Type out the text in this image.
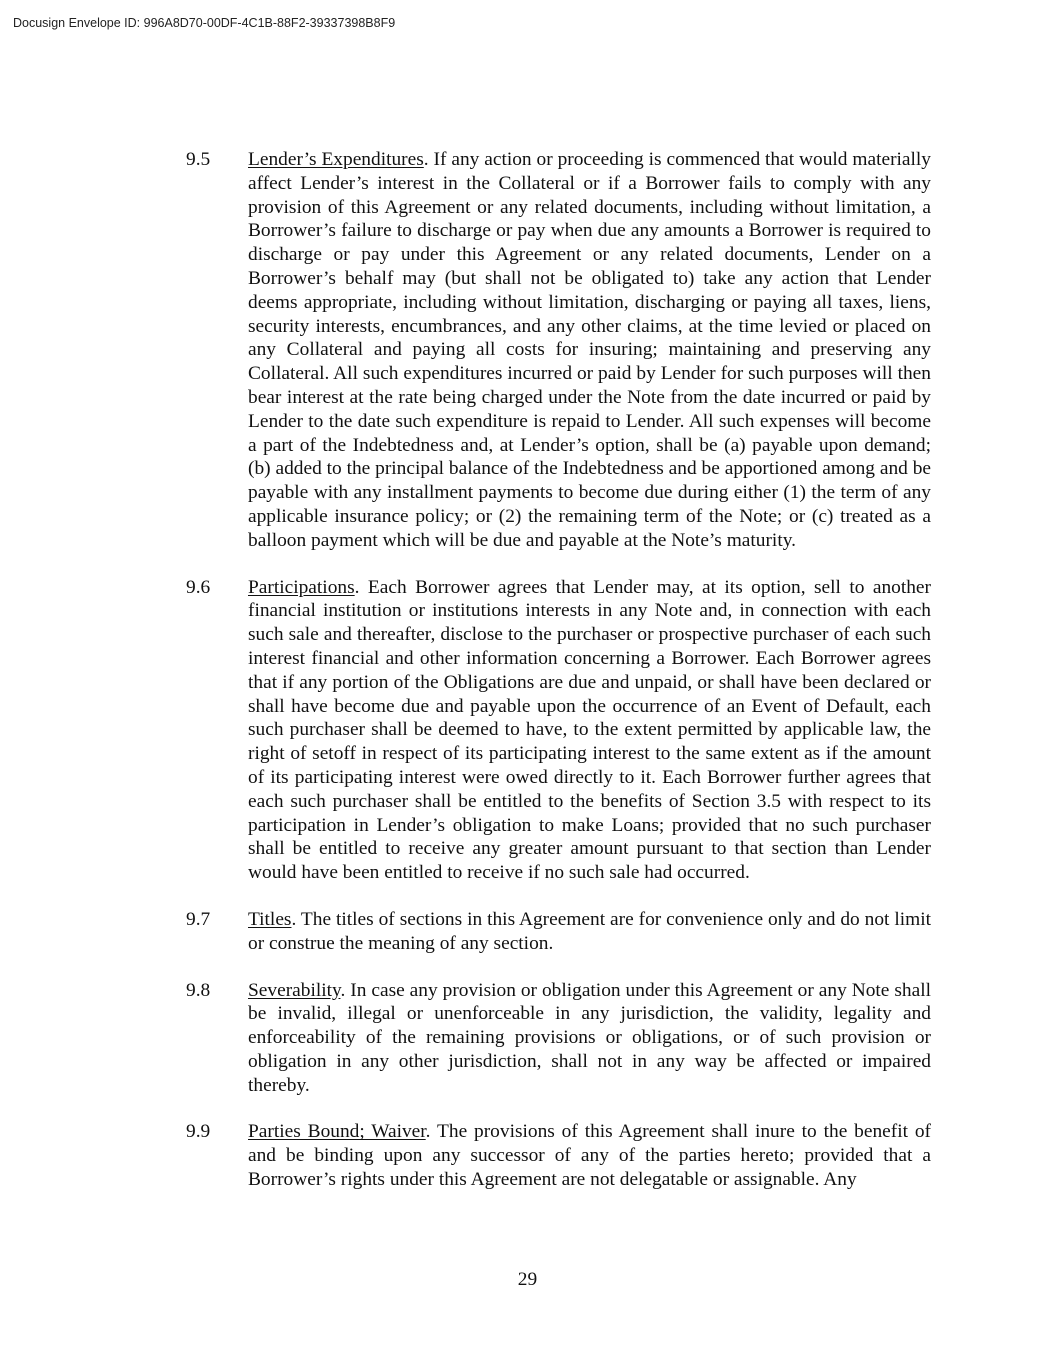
Docusign Envelope ID: 996A8D70-00DF-4C1B-88F2-39337398B8F9
9.5	Lender’s Expenditures. If any action or proceeding is commenced that would materially affect Lender’s interest in the Collateral or if a Borrower fails to comply with any provision of this Agreement or any related documents, including without limitation, a Borrower’s failure to discharge or pay when due any amounts a Borrower is required to discharge or pay under this Agreement or any related documents, Lender on a Borrower’s behalf may (but shall not be obligated to) take any action that Lender deems appropriate, including without limitation, discharging or paying all taxes, liens, security interests, encumbrances, and any other claims, at the time levied or placed on any Collateral and paying all costs for insuring; maintaining and preserving any Collateral. All such expenditures incurred or paid by Lender for such purposes will then bear interest at the rate being charged under the Note from the date incurred or paid by Lender to the date such expenditure is repaid to Lender. All such expenses will become a part of the Indebtedness and, at Lender’s option, shall be (a) payable upon demand; (b) added to the principal balance of the Indebtedness and be apportioned among and be payable with any installment payments to become due during either (1) the term of any applicable insurance policy; or (2) the remaining term of the Note; or (c) treated as a balloon payment which will be due and payable at the Note’s maturity.
9.6	Participations. Each Borrower agrees that Lender may, at its option, sell to another financial institution or institutions interests in any Note and, in connection with each such sale and thereafter, disclose to the purchaser or prospective purchaser of each such interest financial and other information concerning a Borrower. Each Borrower agrees that if any portion of the Obligations are due and unpaid, or shall have been declared or shall have become due and payable upon the occurrence of an Event of Default, each such purchaser shall be deemed to have, to the extent permitted by applicable law, the right of setoff in respect of its participating interest to the same extent as if the amount of its participating interest were owed directly to it. Each Borrower further agrees that each such purchaser shall be entitled to the benefits of Section 3.5 with respect to its participation in Lender’s obligation to make Loans; provided that no such purchaser shall be entitled to receive any greater amount pursuant to that section than Lender would have been entitled to receive if no such sale had occurred.
9.7	Titles. The titles of sections in this Agreement are for convenience only and do not limit or construe the meaning of any section.
9.8	Severability. In case any provision or obligation under this Agreement or any Note shall be invalid, illegal or unenforceable in any jurisdiction, the validity, legality and enforceability of the remaining provisions or obligations, or of such provision or obligation in any other jurisdiction, shall not in any way be affected or impaired thereby.
9.9	Parties Bound; Waiver. The provisions of this Agreement shall inure to the benefit of and be binding upon any successor of any of the parties hereto; provided that a Borrower’s rights under this Agreement are not delegatable or assignable. Any
29
